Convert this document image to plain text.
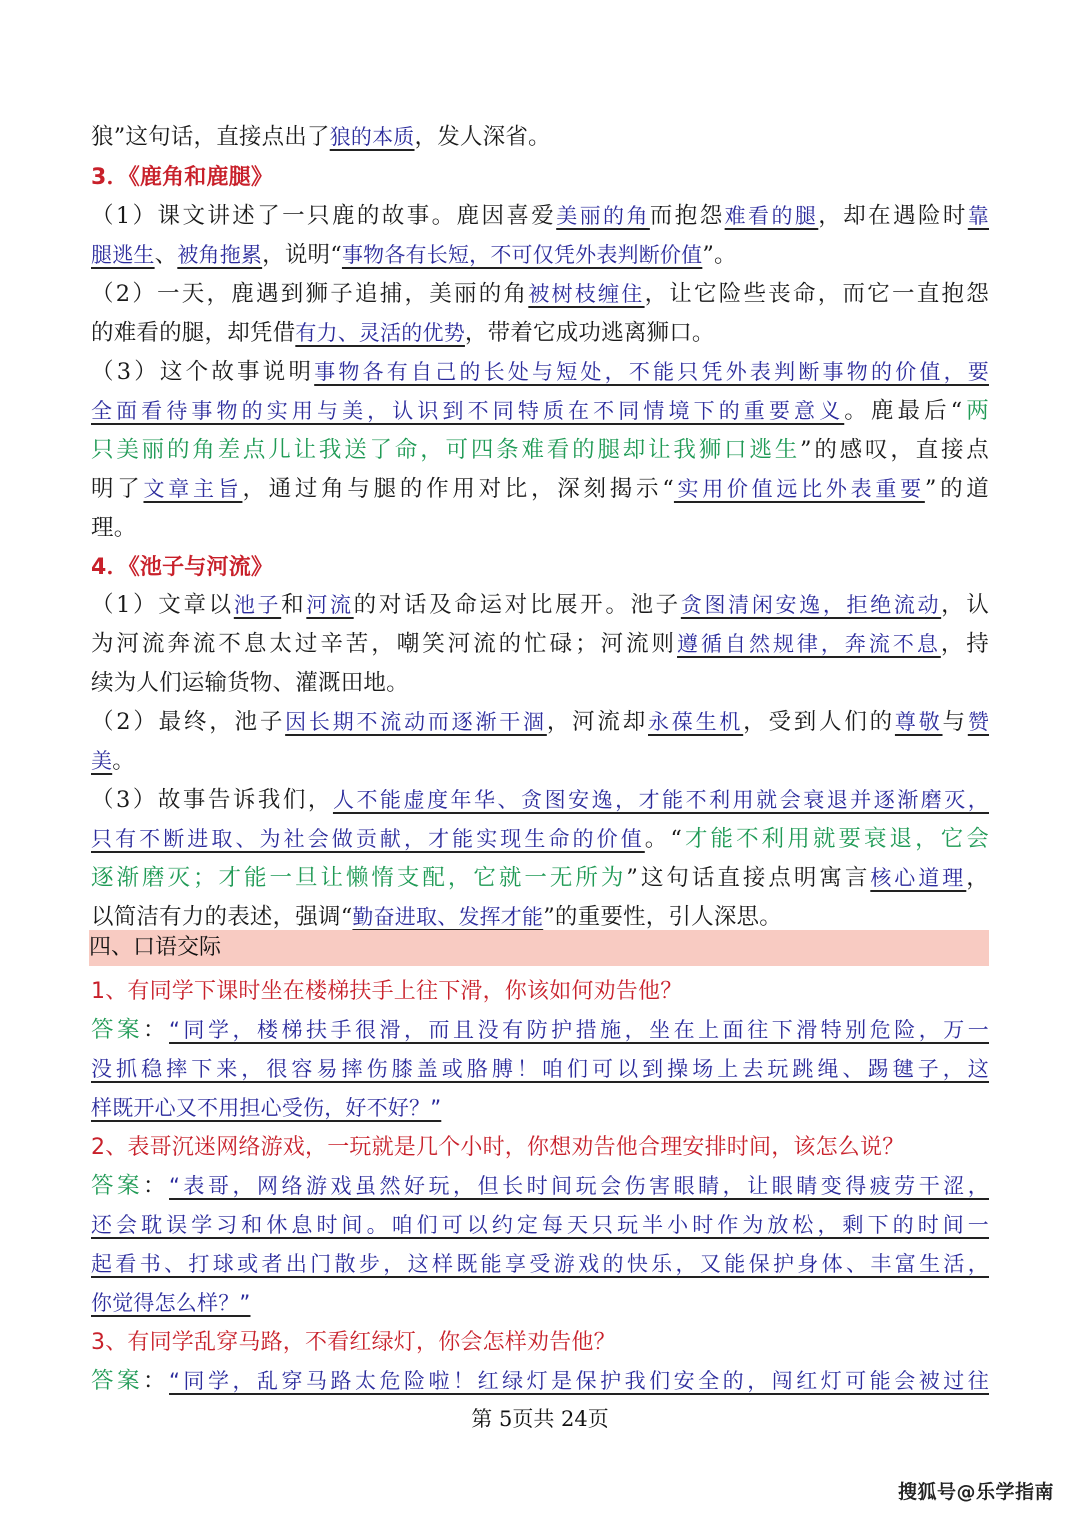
狼”这句话，直接点出了狼的本质，发人深省。
3．《鹿角和鹿腿》
（1）课文讲述了一只鹿的故事。鹿因喜爱美丽的角而抱怨难看的腿，却在遇险时靠
腿逃生、被角拖累，说明“事物各有长短，不可仅凭外表判断价值”。
（2）一天，鹿遇到狮子追捕，美丽的角被树枝缠住，让它险些丧命，而它一直抱怨
的难看的腿，却凭借有力、灵活的优势，带着它成功逃离狮口。
（3）这个故事说明事物各有自己的长处与短处，不能只凭外表判断事物的价值，要
全面看待事物的实用与美，认识到不同特质在不同情境下的重要意义。鹿最后“两
只美丽的角差点儿让我送了命，可四条难看的腿却让我狮口逃生”的感叹，直接点
明了文章主旨，通过角与腿的作用对比，深刻揭示“实用价值远比外表重要”的道
理。
4．《池子与河流》
（1）文章以池子和河流的对话及命运对比展开。池子贪图清闲安逸，拒绝流动，认
为河流奔流不息太过辛苦，嘲笑河流的忙碌；河流则遵循自然规律，奔流不息，持
续为人们运输货物、灌溉田地。
（2）最终，池子因长期不流动而逐渐干涸，河流却永葆生机，受到人们的尊敬与赞
美。
（3）故事告诉我们，人不能虚度年华、贪图安逸，才能不利用就会衰退并逐渐磨灭，
只有不断进取、为社会做贡献，才能实现生命的价值。“才能不利用就要衰退，它会
逐渐磨灭；才能一旦让懒惰支配，它就一无所为”这句话直接点明寓言核心道理，
以简洁有力的表述，强调“勤奋进取、发挥才能”的重要性，引人深思。
四、口语交际
1、有同学下课时坐在楼梯扶手上往下滑，你该如何劝告他？
答案：“同学，楼梯扶手很滑，而且没有防护措施，坐在上面往下滑特别危险，万一
没抓稳摔下来，很容易摔伤膝盖或胳膊！咱们可以到操场上去玩跳绳、踢毽子，这
样既开心又不用担心受伤，好不好？”
2、表哥沉迷网络游戏，一玩就是几个小时，你想劝告他合理安排时间，该怎么说？
答案：“表哥，网络游戏虽然好玩，但长时间玩会伤害眼睛，让眼睛变得疲劳干涩，
还会耽误学习和休息时间。咱们可以约定每天只玩半小时作为放松，剩下的时间一
起看书、打球或者出门散步，这样既能享受游戏的快乐，又能保护身体、丰富生活，
你觉得怎么样？”
3、有同学乱穿马路，不看红绿灯，你会怎样劝告他？
答案：“同学，乱穿马路太危险啦！红绿灯是保护我们安全的，闯红灯可能会被过往
第 5页共 24页
搜狐号@乐学指南
